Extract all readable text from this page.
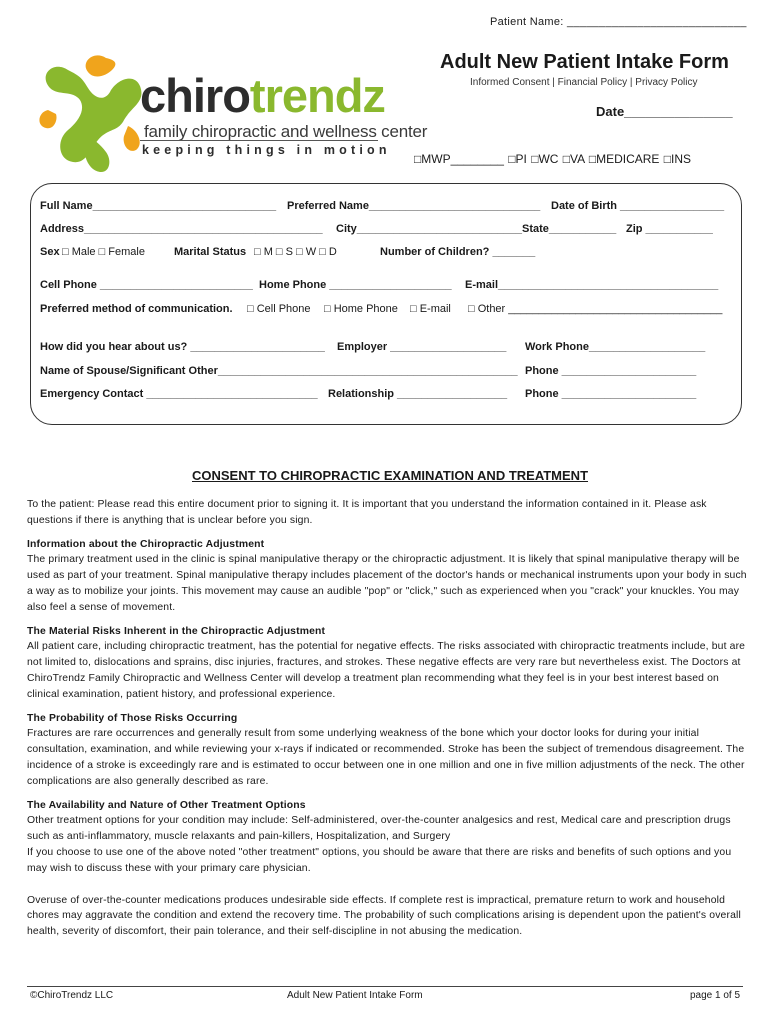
Patient Name: ____________________________
chirotrendz
family chiropractic and wellness center
keeping things in motion
Adult New Patient Intake Form
Informed Consent | Financial Policy | Privacy Policy
Date_______________
□MWP________ □PI □WC □VA □MEDICARE □INS
Full Name______________________________ Preferred Name____________________________ Date of Birth _________________
Address_______________________________________ City___________________________ State___________ Zip ___________
Sex □ Male □ Female	Marital Status □ M □ S □ W □ D	Number of Children? _______
Cell Phone _________________________ Home Phone ____________________ E-mail____________________________________
Preferred method of communication. □ Cell Phone □ Home Phone □ E-mail □ Other ___________________________________
How did you hear about us? ______________________ Employer ___________________ Work Phone___________________
Name of Spouse/Significant Other_________________________________________________ Phone ______________________
Emergency Contact ____________________________ Relationship __________________ Phone ______________________
CONSENT TO CHIROPRACTIC EXAMINATION AND TREATMENT

To the patient: Please read this entire document prior to signing it. It is important that you understand the information contained in it. Please ask questions if there is anything that is unclear before you sign.

Information about the Chiropractic Adjustment

The primary treatment used in the clinic is spinal manipulative therapy or the chiropractic adjustment. It is likely that spinal manipulative therapy will be used as part of your treatment. Spinal manipulative therapy includes placement of the doctor's hands or mechanical instruments upon your body in such a way as to mobilize your joints. This movement may cause an audible "pop" or "click," such as experienced when you "crack" your knuckles. You may also feel a sense of movement.

The Material Risks Inherent in the Chiropractic Adjustment

All patient care, including chiropractic treatment, has the potential for negative effects. The risks associated with chiropractic treatments include, but are not limited to, dislocations and sprains, disc injuries, fractures, and strokes. These negative effects are very rare but nevertheless exist. The Doctors at ChiroTrendz Family Chiropractic and Wellness Center will develop a treatment plan recommending what they feel is in your best interest based on clinical examination, patient history, and professional experience.

The Probability of Those Risks Occurring

Fractures are rare occurrences and generally result from some underlying weakness of the bone which your doctor looks for during your initial consultation, examination, and while reviewing your x-rays if indicated or recommended. Stroke has been the subject of tremendous disagreement. The incidence of a stroke is exceedingly rare and is estimated to occur between one in one million and one in five million adjustments of the neck. The other complications are also generally described as rare.

The Availability and Nature of Other Treatment Options

Other treatment options for your condition may include: Self-administered, over-the-counter analgesics and rest, Medical care and prescription drugs such as anti-inflammatory, muscle relaxants and pain-killers, Hospitalization, and Surgery

If you choose to use one of the above noted "other treatment" options, you should be aware that there are risks and benefits of such options and you may wish to discuss these with your primary care physician.

Overuse of over-the-counter medications produces undesirable side effects. If complete rest is impractical, premature return to work and household chores may aggravate the condition and extend the recovery time. The probability of such complications arising is dependent upon the patient's overall health, severity of discomfort, their pain tolerance, and their self-discipline in not abusing the medication.

©ChiroTrendz LLC	Adult New Patient Intake Form	page 1 of 5
